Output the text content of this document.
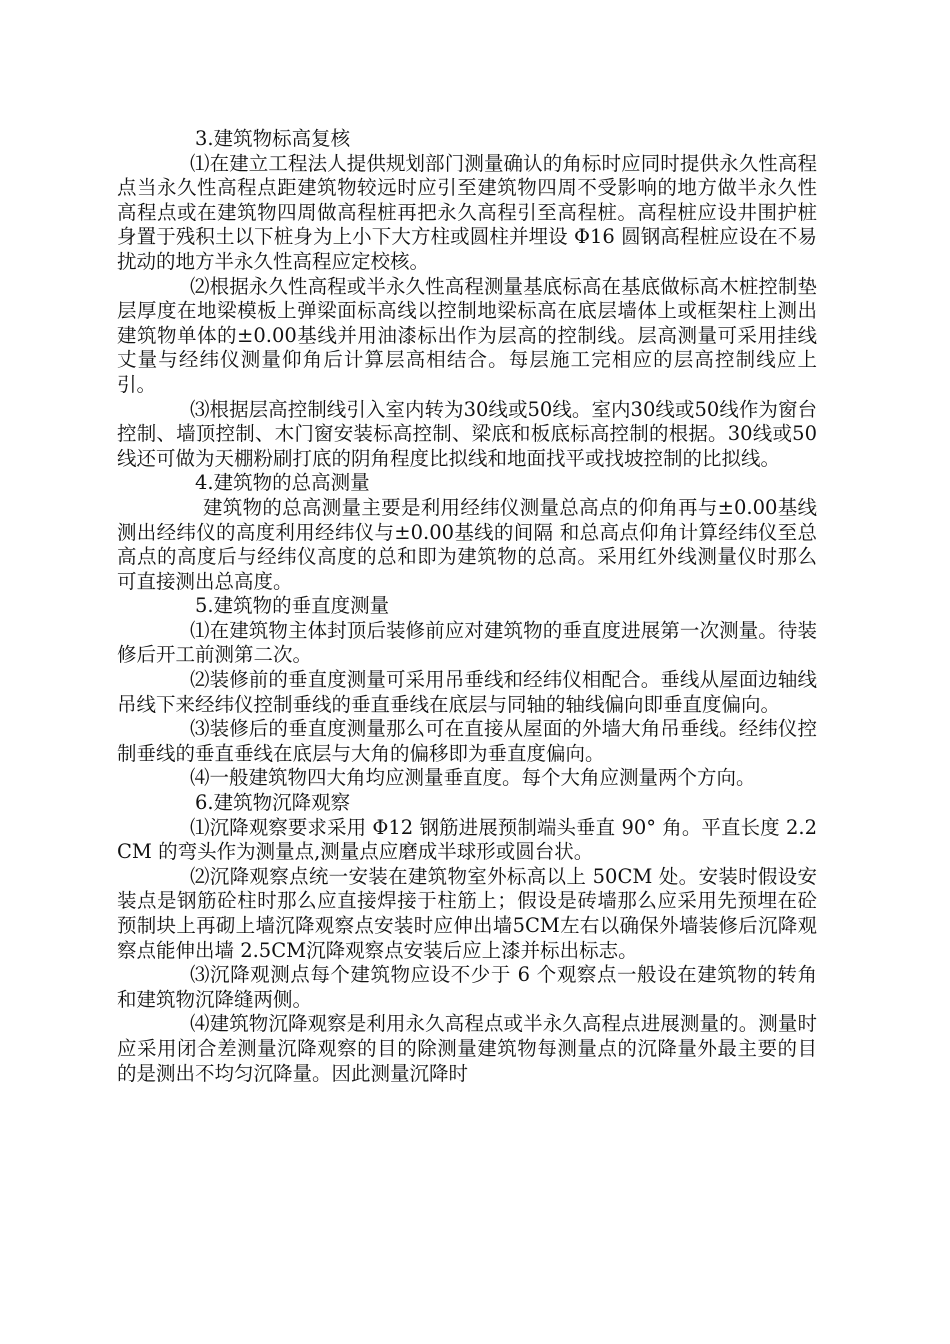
3.建筑物标高复核

⑴在建立工程法人提供规划部门测量确认的角标时应同时提供永久性高程点当永久性高程点距建筑物较远时应引至建筑物四周不受影响的地方做半永久性高程点或在建筑物四周做高程桩再把永久高程引至高程桩。高程桩应设井围护桩身置于残积土以下桩身为上小下大方柱或圆柱并埋设 Φ16 圆钢高程桩应设在不易扰动的地方半永久性高程应定校核。

⑵根据永久性高程或半永久性高程测量基底标高在基底做标高木桩控制垫层厚度在地梁模板上弹梁面标高线以控制地梁标高在底层墙体上或框架柱上测出建筑物单体的±0.00基线并用油漆标出作为层高的控制线。层高测量可采用挂线丈量与经纬仪测量仰角后计算层高相结合。每层施工完相应的层高控制线应上引。

⑶根据层高控制线引入室内转为30线或50线。室内30线或50线作为窗台控制、墙顶控制、木门窗安装标高控制、梁底和板底标高控制的根据。30线或50线还可做为天棚粉刷打底的阴角程度比拟线和地面找平或找坡控制的比拟线。

4.建筑物的总高测量

建筑物的总高测量主要是利用经纬仪测量总高点的仰角再与±0.00基线测出经纬仪的高度利用经纬仪与±0.00基线的间隔 和总高点仰角计算经纬仪至总高点的高度后与经纬仪高度的总和即为建筑物的总高。采用红外线测量仪时那么可直接测出总高度。

5.建筑物的垂直度测量

⑴在建筑物主体封顶后装修前应对建筑物的垂直度进展第一次测量。待装修后开工前测第二次。

⑵装修前的垂直度测量可采用吊垂线和经纬仪相配合。垂线从屋面边轴线吊线下来经纬仪控制垂线的垂直垂线在底层与同轴的轴线偏向即垂直度偏向。

⑶装修后的垂直度测量那么可在直接从屋面的外墙大角吊垂线。经纬仪控制垂线的垂直垂线在底层与大角的偏移即为垂直度偏向。

⑷一般建筑物四大角均应测量垂直度。每个大角应测量两个方向。

6.建筑物沉降观察

⑴沉降观察要求采用 Φ12 钢筋进展预制端头垂直 90° 角。平直长度 2.2CM 的弯头作为测量点,测量点应磨成半球形或圆台状。

⑵沉降观察点统一安装在建筑物室外标高以上 50CM 处。安装时假设安装点是钢筋砼柱时那么应直接焊接于柱筋上；假设是砖墙那么应采用先预埋在砼预制块上再砌上墙沉降观察点安装时应伸出墙5CM左右以确保外墙装修后沉降观察点能伸出墙 2.5CM沉降观察点安装后应上漆并标出标志。

⑶沉降观测点每个建筑物应设不少于 6 个观察点一般设在建筑物的转角和建筑物沉降缝两侧。

⑷建筑物沉降观察是利用永久高程点或半永久高程点进展测量的。测量时应采用闭合差测量沉降观察的目的除测量建筑物每测量点的沉降量外最主要的目的是测出不均匀沉降量。因此测量沉降时
